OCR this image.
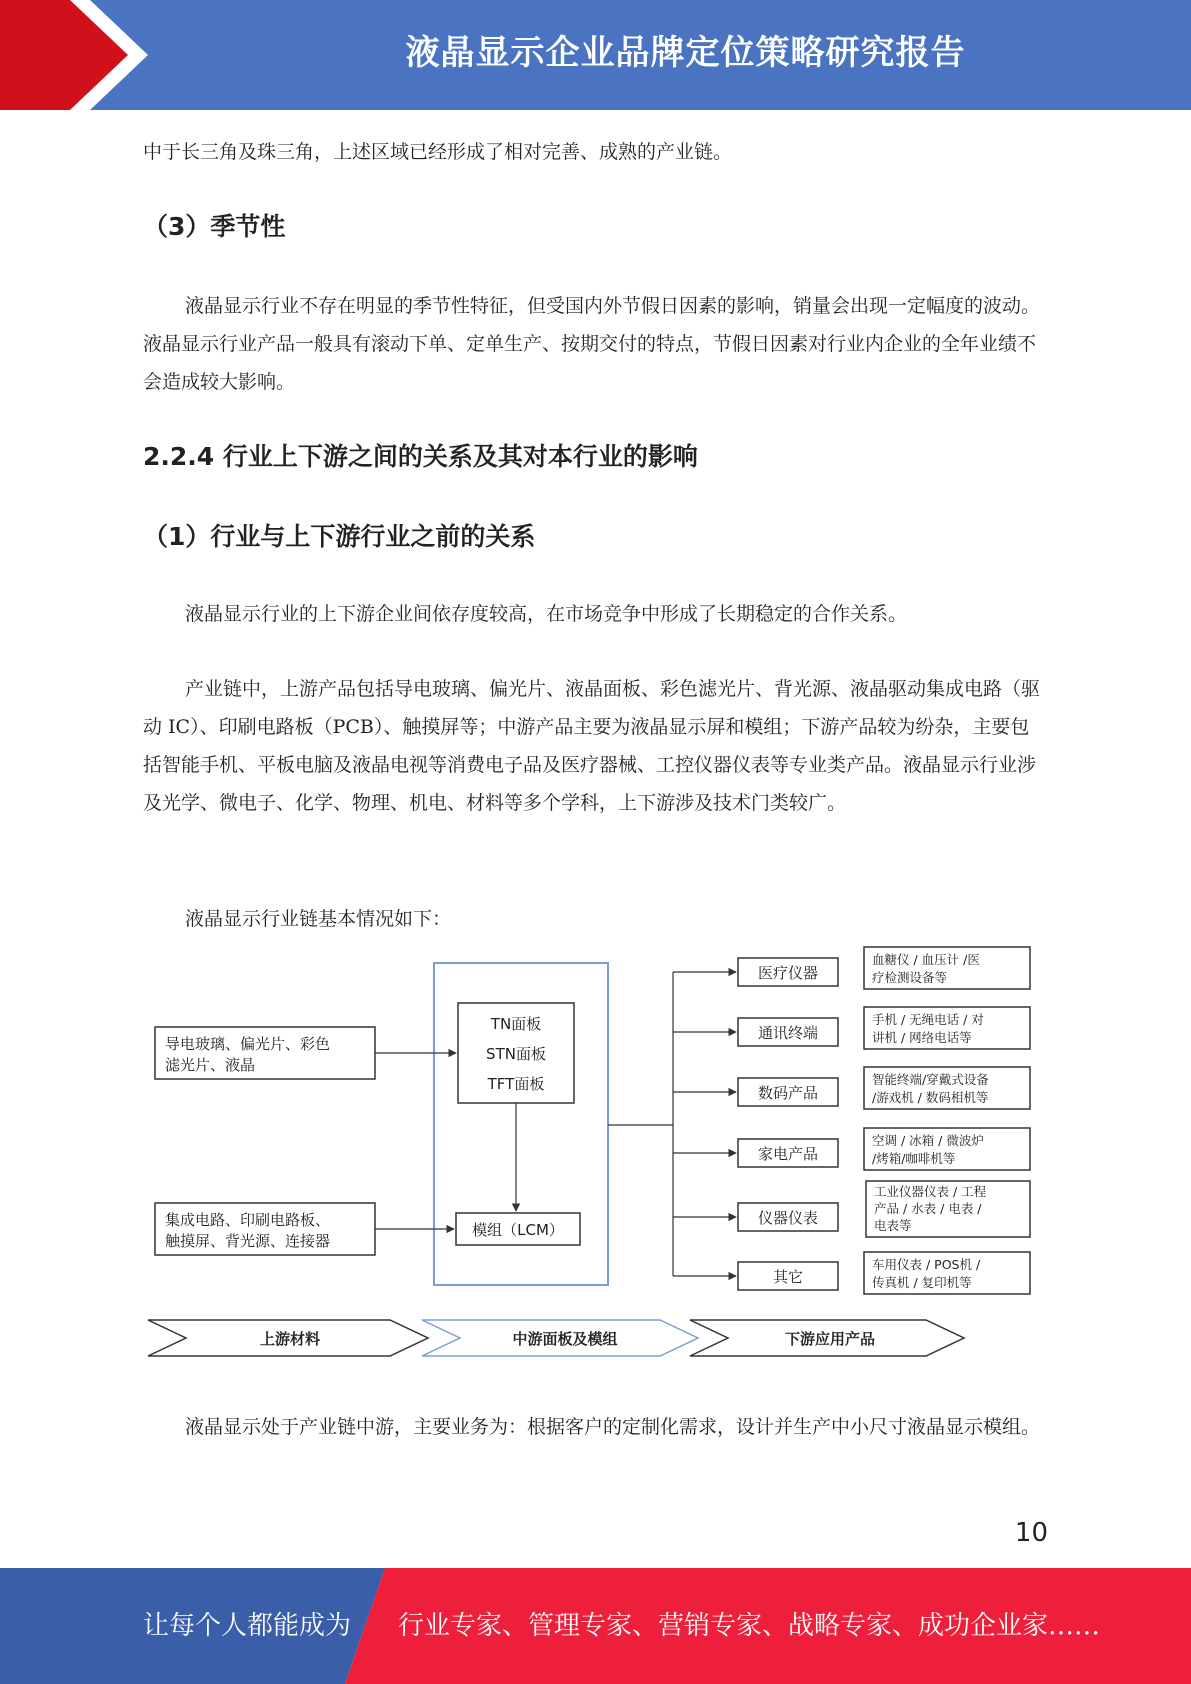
液晶显示企业品牌定位策略研究报告

中于长三角及珠三角，上述区域已经形成了相对完善、成熟的产业链。

（3）季节性

液晶显示行业不存在明显的季节性特征，但受国内外节假日因素的影响，销量会出现一定幅度的波动。液晶显示行业产品一般具有滚动下单、定单生产、按期交付的特点，节假日因素对行业内企业的全年业绩不会造成较大影响。

2.2.4 行业上下游之间的关系及其对本行业的影响
（1）行业与上下游行业之前的关系

液晶显示行业的上下游企业间依存度较高，在市场竞争中形成了长期稳定的合作关系。

产业链中，上游产品包括导电玻璃、偏光片、液晶面板、彩色滤光片、背光源、液晶驱动集成电路（驱动 IC）、印刷电路板（PCB）、触摸屏等；中游产品主要为液晶显示屏和模组；下游产品较为纷杂，主要包括智能手机、平板电脑及液晶电视等消费电子品及医疗器械、工控仪器仪表等专业类产品。液晶显示行业涉及光学、微电子、化学、物理、机电、材料等多个学科，上下游涉及技术门类较广。

液晶显示行业链基本情况如下：

导电玻璃、偏光片、彩色
滤光片、液晶
集成电路、印刷电路板、
触摸屏、背光源、连接器
TN面板
STN面板
TFT面板
模组（LCM）
医疗仪器
血糖仪 / 血压计 /医
疗检测设备等
通讯终端
手机 / 无绳电话 / 对
讲机 / 网络电话等
数码产品
智能终端/穿戴式设备
/游戏机 / 数码相机等
家电产品
空调 / 冰箱 / 微波炉
/烤箱/咖啡机等
仪器仪表
工业仪器仪表 / 工程
产品 / 水表 / 电表 /
电表等
其它
车用仪表 / POS机 /
传真机 / 复印机等
上游材料	中游面板及模组	下游应用产品

液晶显示处于产业链中游，主要业务为：根据客户的定制化需求，设计并生产中小尺寸液晶显示模组。

10
让每个人都能成为 行业专家、管理专家、营销专家、战略专家、成功企业家……
